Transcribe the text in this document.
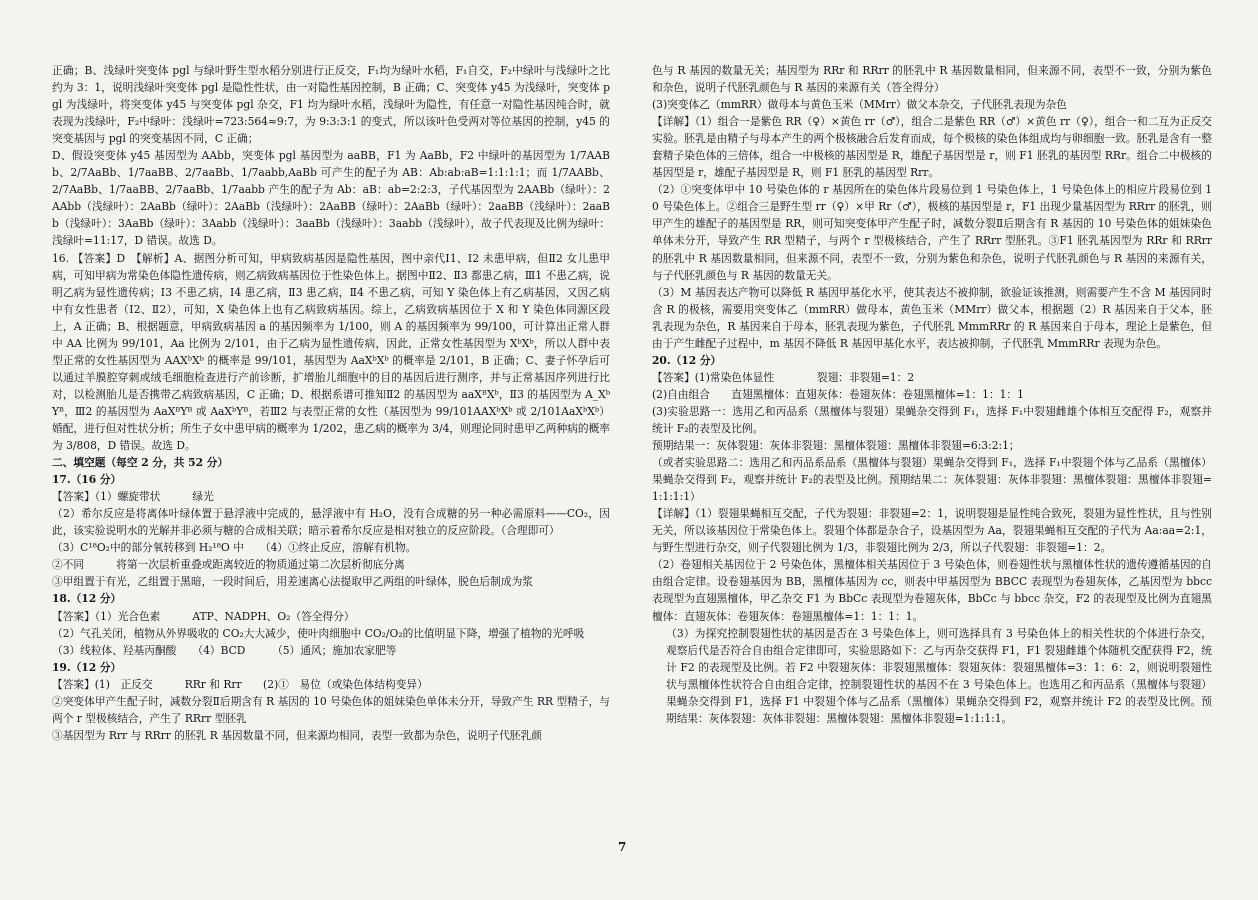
正确；B、浅绿叶突变体 pgl 与绿叶野生型水稻分别进行正反交，F₁均为绿叶水稻，F₁自交，F₂中绿叶与浅绿叶之比约为 3：1，说明浅绿叶突变体 pgl 是隐性性状，由一对隐性基因控制，B 正确；C、突变体 y45 为浅绿叶，突变体 pgl 为浅绿叶，将突变体 y45 与突变体 pgl 杂交，F1 均为绿叶水稻，浅绿叶为隐性，有任意一对隐性基因纯合时，就表现为浅绿叶，F₂中绿叶：浅绿叶=723:564≈9:7，为 9:3:3:1 的变式，所以该叶色受两对等位基因的控制，y45 的突变基因与 pgl 的突变基因不同，C 正确；

D、假设突变体 y45 基因型为 AAbb，突变体 pgl 基因型为 aaBB，F1 为 AaBb，F2 中绿叶的基因型为 1/7AABb、2/7AaBb、1/7aaBB、2/7aaBb、1/7aabb,AaBb 可产生的配子为 AB：Ab:ab:aB=1:1:1:1；而 1/7AABb、2/7AaBb、1/7aaBB、2/7aaBb、1/7aabb 产生的配子为 Ab：aB：ab=2:2:3，子代基因型为 2AABb（绿叶）：2AAbb（浅绿叶）：2AaBb（绿叶）：2AaBb（浅绿叶）：2AaBB（绿叶）：2AaBb（绿叶）：2aaBB（浅绿叶）：2aaBb（浅绿叶）：3AaBb（绿叶）：3Aabb（浅绿叶）：3aaBb（浅绿叶）：3aabb（浅绿叶），故子代表现及比例为绿叶：浅绿叶=11:17，D 错误。故选 D。

16. 【答案】D　【解析】A、据图分析可知，甲病致病基因是隐性基因，图中亲代Ⅰ1、Ⅰ2 未患甲病，但Ⅱ2 女儿患甲病，可知甲病为常染色体隐性遗传病，则乙病致病基因位于性染色体上。据图中Ⅱ2、Ⅱ3 都患乙病，Ⅲ1 不患乙病，说明乙病为显性遗传病；Ⅰ3 不患乙病，Ⅰ4 患乙病，Ⅱ3 患乙病，Ⅱ4 不患乙病，可知 Y 染色体上有乙病基因，又因乙病中有女性患者（Ⅰ2、Ⅱ2），可知，X 染色体上也有乙病致病基因。综上，乙病致病基因位于 X 和 Y 染色体同源区段上，A 正确；B、根据题意，甲病致病基因 a 的基因频率为 1/100，则 A 的基因频率为 99/100，可计算出正常人群中 AA 比例为 99/101，Aa 比例为 2/101，由于乙病为显性遗传病，因此，正常女性基因型为 XᵇXᵇ，所以人群中表型正常的女性基因型为 AAXᵇXᵇ 的概率是 99/101，基因型为 AaXᵇXᵇ 的概率是 2/101，B 正确；C、妻子怀孕后可以通过羊膜腔穿刺或绒毛细胞检查进行产前诊断，扩增胎儿细胞中的目的基因后进行测序，并与正常基因序列进行比对，以检测胎儿是否携带乙病致病基因，C 正确；D、根据系谱可推知Ⅱ2 的基因型为 aaXᴮXᵇ，Ⅱ3 的基因型为 A_XᵇYᴮ，Ⅲ2 的基因型为 AaXᴮYᴮ 或 AaXᵇYᴮ，若Ⅲ2 与表型正常的女性（基因型为 99/101AAXᵇXᵇ 或 2/101AaXᵇXᵇ）婚配，进行但对性状分析；所生子女中患甲病的概率为 1/202，患乙病的概率为 3/4，则理论同时患甲乙两种病的概率为 3/808，D 错误。故选 D。

二、填空题（每空 2 分，共 52 分）

17.（16 分）

【答案】（1）螺旋带状　　　绿光

（2）希尔反应是将离体叶绿体置于悬浮液中完成的，悬浮液中有 H₂O，没有合成糖的另一种必需原料——CO₂，因此，该实验说明水的光解并非必须与糖的合成相关联；暗示着希尔反应是相对独立的反应阶段。（合理即可）

（3）C¹⁸O₂中的部分氧转移到 H₂¹⁸O 中　　（4）①终止反应，溶解有机物。

②不同　　　将第一次层析重叠或距离较近的物质通过第二次层析彻底分离

③甲组置于有光，乙组置于黑暗，一段时间后，用差速离心法提取甲乙两组的叶绿体，脱色后制成为浆

18.（12 分）

【答案】（1）光合色素　　　ATP、NADPH、O₂（答全得分）

（2）气孔关闭，植物从外界吸收的 CO₂大大减少，使叶肉细胞中 CO₂/O₂的比值明显下降，增强了植物的光呼吸

（3）线粒体、羟基丙酮酸　　（4）BCD　　　（5）通风；施加农家肥等

19.（12 分）

【答案】(1)　正反交　　　RRr 和 Rrr　　(2)①　易位（或染色体结构变异）

②突变体甲产生配子时，减数分裂Ⅱ后期含有 R 基因的 10 号染色体的姐妹染色单体未分开，导致产生 RR 型精子，与两个 r 型极核结合，产生了 RRrr 型胚乳

③基因型为 Rrr 与 RRrr 的胚乳 R 基因数量不同，但来源均相同，表型一致都为杂色，说明子代胚乳颜

色与 R 基因的数量无关；基因型为 RRr 和 RRrr 的胚乳中 R 基因数量相同，但来源不同，表型不一致，分别为紫色和杂色，说明子代胚乳颜色与 R 基因的来源有关（答全得分）

(3)突变体乙（mmRR）做母本与黄色玉米（MMrr）做父本杂交，子代胚乳表现为杂色

【详解】（1）组合一是紫色 RR（♀）×黄色 rr（♂），组合二是紫色 RR（♂）×黄色 rr（♀），组合一和二互为正反交实验。胚乳是由精子与母本产生的两个极核融合后发育而成，每个极核的染色体组成均与卵细胞一致。胚乳是含有一整套精子染色体的三倍体，组合一中极核的基因型是 R，雄配子基因型是 r，则 F1 胚乳的基因型 RRr。组合二中极核的基因型是 r，雄配子基因型是 R，则 F1 胚乳的基因型 Rrr。

（2）①突变体甲中 10 号染色体的 r 基因所在的染色体片段易位到 1 号染色体上，1 号染色体上的相应片段易位到 10 号染色体上。②组合三是野生型 rr（♀）×甲 Rr（♂），极核的基因型是 r，F1 出现少量基因型为 RRrr 的胚乳，则甲产生的雄配子的基因型是 RR，则可知突变体甲产生配子时，减数分裂Ⅱ后期含有 R 基因的 10 号染色体的姐妹染色单体未分开，导致产生 RR 型精子，与两个 r 型极核结合，产生了 RRrr 型胚乳。③F1 胚乳基因型为 RRr 和 RRrr 的胚乳中 R 基因数量相同，但来源不同，表型不一致，分别为紫色和杂色，说明子代胚乳颜色与 R 基因的来源有关，与子代胚乳颜色与 R 基因的数量无关。

（3）M 基因表达产物可以降低 R 基因甲基化水平，使其表达不被抑制，欲验证该推测，则需要产生不含 M 基因同时含 R 的极核，需要用突变体乙（mmRR）做母本，黄色玉米（MMrr）做父本，根据题（2）R 基因来自于父本，胚乳表现为杂色，R 基因来自于母本，胚乳表现为紫色，子代胚乳 MmmRRr 的 R 基因来自于母本，理论上是紫色，但由于产生雌配子过程中，m 基因不降低 R 基因甲基化水平，表达被抑制，子代胚乳 MmmRRr 表现为杂色。

20.（12 分）

【答案】(1)常染色体显性　　　　裂翅：非裂翅=1：2

(2)自由组合　　直翅黑檀体：直翅灰体：卷翅灰体：卷翅黑檀体=1：1：1：1

(3)实验思路一：选用乙和丙品系（黑檀体与裂翅）果蝇杂交得到 F₁，选择 F₁中裂翅雌雄个体相互交配得 F₂，观察并统计 F₂的表型及比例。

预期结果一：灰体裂翅：灰体非裂翅：黑檀体裂翅：黑檀体非裂翅=6:3:2:1；

（或者实验思路二：选用乙和丙品系品系（黑檀体与裂翅）果蝇杂交得到 F₁，选择 F₁中裂翅个体与乙品系（黑檀体）果蝇杂交得到 F₂，观察并统计 F₂的表型及比例。预期结果二：灰体裂翅：灰体非裂翅：黑檀体裂翅：黑檀体非裂翅=1:1:1:1）

【详解】（1）裂翅果蝇相互交配，子代为裂翅：非裂翅=2：1，说明裂翅是显性纯合致死，裂翅为显性性状，且与性别无关，所以该基因位于常染色体上。裂翅个体都是杂合子，设基因型为 Aa，裂翅果蝇相互交配的子代为 Aa:aa=2:1，与野生型进行杂交，则子代裂翅比例为 1/3，非裂翅比例为 2/3，所以子代裂翅：非裂翅=1：2。

（2）卷翅相关基因位于 2 号染色体，黑檀体相关基因位于 3 号染色体，则卷翅性状与黑檀体性状的遗传遵循基因的自由组合定律。设卷翅基因为 BB，黑檀体基因为 cc，则表中甲基因型为 BBCC 表现型为卷翅灰体，乙基因型为 bbcc 表现型为直翅黑檀体，甲乙杂交 F1 为 BbCc 表现型为卷翅灰体，BbCc 与 bbcc 杂交，F2 的表现型及比例为直翅黑檀体：直翅灰体：卷翅灰体：卷翅黑檀体=1：1：1：1。

（3）为探究控制裂翅性状的基因是否在 3 号染色体上，则可选择具有 3 号染色体上的相关性状的个体进行杂交，观察后代是否符合自由组合定律即可，实验思路如下：乙与丙杂交获得 F1，F1 裂翅雌雄个体随机交配获得 F2，统计 F2 的表现型及比例。若 F2 中裂翅灰体：非裂翅黑檀体：裂翅灰体：裂翅黑檀体=3：1：6：2，则说明裂翅性状与黑檀体性状符合自由组合定律，控制裂翅性状的基因不在 3 号染色体上。也选用乙和丙品系（黑檀体与裂翅）果蝇杂交得到 F1，选择 F1 中裂翅个体与乙品系（黑檀体）果蝇杂交得到 F2，观察并统计 F2 的表型及比例。预期结果：灰体裂翅：灰体非裂翅：黑檀体裂翅：黑檀体非裂翅=1:1:1:1。

7
